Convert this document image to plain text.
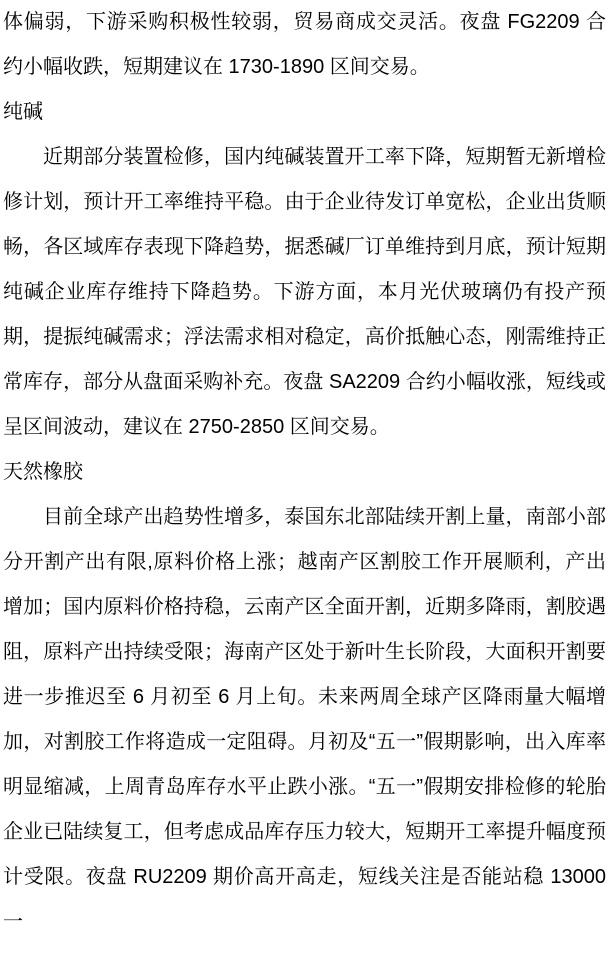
体偏弱，下游采购积极性较弱，贸易商成交灵活。夜盘 FG2209 合约小幅收跌，短期建议在 1730-1890 区间交易。

纯碱

近期部分装置检修，国内纯碱装置开工率下降，短期暂无新增检修计划，预计开工率维持平稳。由于企业待发订单宽松，企业出货顺畅，各区域库存表现下降趋势，据悉碱厂订单维持到月底，预计短期纯碱企业库存维持下降趋势。下游方面，本月光伏玻璃仍有投产预期，提振纯碱需求；浮法需求相对稳定，高价抵触心态，刚需维持正常库存，部分从盘面采购补充。夜盘 SA2209 合约小幅收涨，短线或呈区间波动，建议在 2750-2850 区间交易。

天然橡胶

目前全球产出趋势性增多，泰国东北部陆续开割上量，南部小部分开割产出有限,原料价格上涨；越南产区割胶工作开展顺利，产出增加；国内原料价格持稳，云南产区全面开割，近期多降雨，割胶遇阻，原料产出持续受限；海南产区处于新叶生长阶段，大面积开割要进一步推迟至 6 月初至 6 月上旬。未来两周全球产区降雨量大幅增加，对割胶工作将造成一定阻碍。月初及“五一”假期影响，出入库率明显缩减，上周青岛库存水平止跌小涨。“五一”假期安排检修的轮胎企业已陆续复工，但考虑成品库存压力较大，短期开工率提升幅度预计受限。夜盘 RU2209 期价高开高走，短线关注是否能站稳 13000 一
